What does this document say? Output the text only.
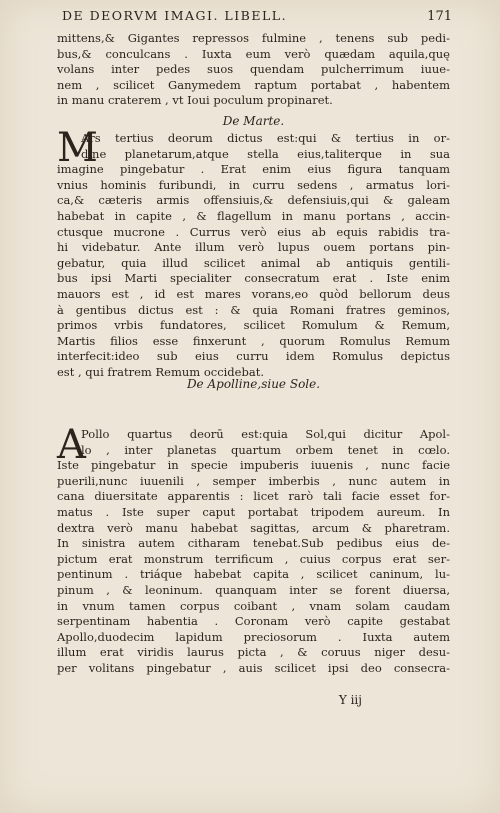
DE DEORVM IMAGI. LIBELL.	171
mittens,& Gigantes repressos fulmine , tenens sub pedi-
bus,& conculcans . Iuxta eum verò quædam aquila,quę
volans inter pedes suos quendam pulcherrimum iuue-
nem , scilicet Ganymedem raptum portabat , habentem
in manu craterem , vt Ioui poculum propinaret.
De Marte.
M
Ars tertius deorum dictus est:qui & tertius in or-
dine planetarum,atque stella eius,taliterque in sua
imagine pingebatur . Erat enim eius figura tanquam
vnius hominis furibundi, in curru sedens , armatus lori-
ca,& cæteris armis offensiuis,& defensiuis,qui & galeam
habebat in capite , & flagellum in manu portans , accin-
ctusque mucrone . Currus verò eius ab equis rabidis tra-
hi videbatur. Ante illum verò lupus ouem portans pin-
gebatur, quia illud scilicet animal ab antiquis gentili-
bus ipsi Marti specialiter consecratum erat . Iste enim
mauors est , id est mares vorans,eo quòd bellorum deus
à gentibus dictus est : & quia Romani fratres geminos,
primos vrbis fundatores, scilicet Romulum & Remum,
Martis filios esse finxerunt , quorum Romulus Remum
interfecit:ideo sub eius curru idem Romulus depictus
est , qui fratrem Remum occidebat.
De Apolline,siue Sole.
A
Pollo quartus deorū est:quia Sol,qui dicitur Apol-
lo , inter planetas quartum orbem tenet in cœlo.
Iste pingebatur in specie impuberis iuuenis , nunc facie
puerili,nunc iuuenili , semper imberbis , nunc autem in
cana diuersitate apparentis : licet rarò tali facie esset for-
matus . Iste super caput portabat tripodem aureum. In
dextra verò manu habebat sagittas, arcum & pharetram.
In sinistra autem citharam tenebat.Sub pedibus eius de-
pictum erat monstrum terrificum , cuius corpus erat ser-
pentinum . triáque habebat capita , scilicet caninum, lu-
pinum , & leoninum. quanquam inter se forent diuersa,
in vnum tamen corpus coibant , vnam solam caudam
serpentinam habentia . Coronam verò capite gestabat
Apollo,duodecim lapidum preciosorum . Iuxta autem
illum erat viridis laurus picta , & coruus niger desu-
per volitans pingebatur , auis scilicet ipsi deo consecra-
Y iij
